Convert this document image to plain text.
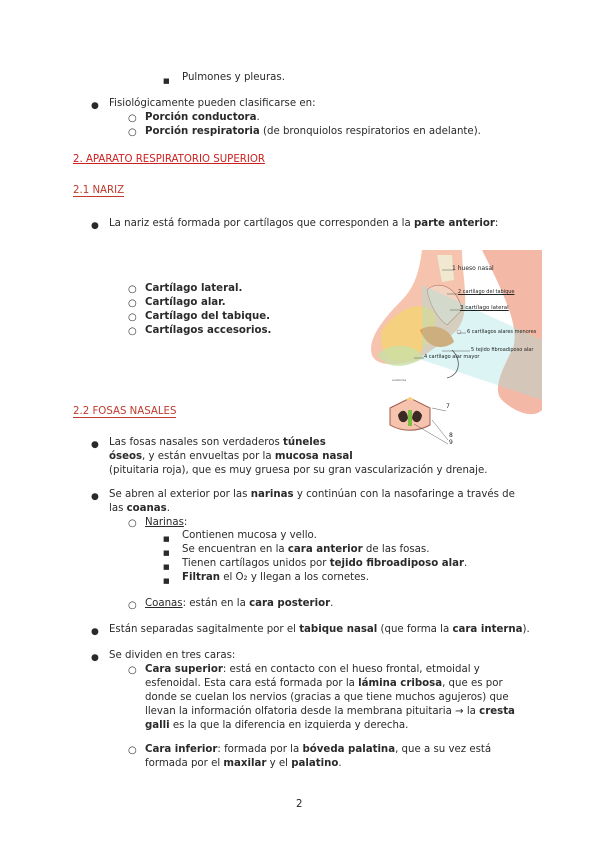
■ Pulmones y pleuras.
● Fisiológicamente pueden clasificarse en:
○ Porción conductora.
○ Porción respiratoria (de bronquiolos respiratorios en adelante).
2. APARATO RESPIRATORIO SUPERIOR
2.1 NARIZ
● La nariz está formada por cartílagos que corresponden a la parte anterior:
○ Cartílago lateral.
○ Cartílago alar.
○ Cartílago del tabique.
○ Cartílagos accesorios.
anatomía
1 hueso nasal
2 cartílago del tabique
3 cartílago lateral
6 cartílagos alares menores
5 tejido fibroadiposo alar
4 cartílago alar mayor
7
8
9
2.2 FOSAS NASALES
● Las fosas nasales son verdaderos túneles
óseos, y están envueltas por la mucosa nasal
(pituitaria roja), que es muy gruesa por su gran vascularización y drenaje.
● Se abren al exterior por las narinas y continúan con la nasofaringe a través de
las coanas.
○ Narinas:
■ Contienen mucosa y vello.
■ Se encuentran en la cara anterior de las fosas.
■ Tienen cartílagos unidos por tejido fibroadiposo alar.
■ Filtran el O₂ y llegan a los cornetes.
○ Coanas: están en la cara posterior.
● Están separadas sagitalmente por el tabique nasal (que forma la cara interna).
● Se dividen en tres caras:
○ Cara superior: está en contacto con el hueso frontal, etmoidal y
esfenoidal. Esta cara está formada por la lámina cribosa, que es por
donde se cuelan los nervios (gracias a que tiene muchos agujeros) que
llevan la información olfatoria desde la membrana pituitaria → la cresta
galli es la que la diferencia en izquierda y derecha.
○ Cara inferior: formada por la bóveda palatina, que a su vez está
formada por el maxilar y el palatino.
2
